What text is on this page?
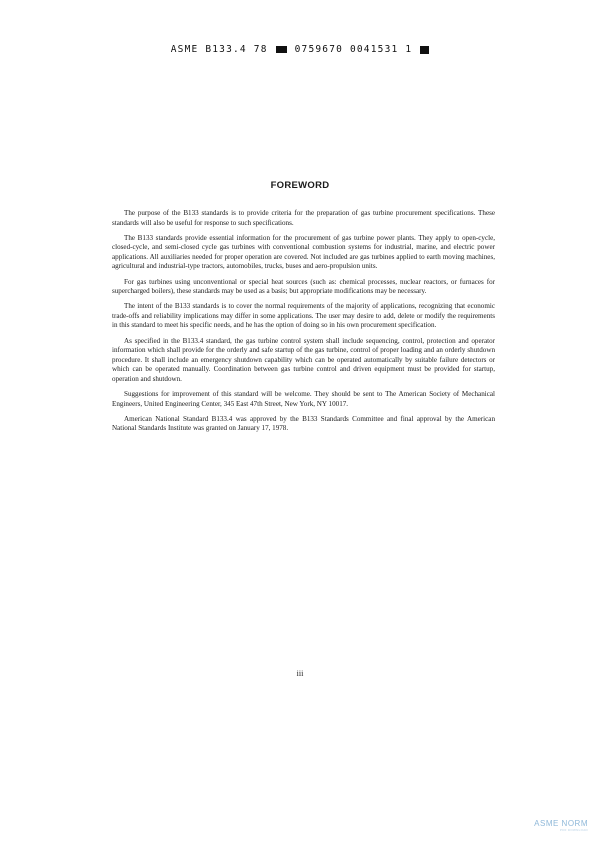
ASME B133.4 78	0759670 0041531 1
FOREWORD

The purpose of the B133 standards is to provide criteria for the preparation of gas turbine procurement specifications. These standards will also be useful for response to such specifications.

The B133 standards provide essential information for the procurement of gas turbine power plants. They apply to open-cycle, closed-cycle, and semi-closed cycle gas turbines with conventional combustion systems for industrial, marine, and electric power applications. All auxiliaries needed for proper operation are covered. Not included are gas turbines applied to earth moving machines, agricultural and industrial-type tractors, automobiles, trucks, buses and aero-propulsion units.

For gas turbines using unconventional or special heat sources (such as: chemical processes, nuclear reactors, or furnaces for supercharged boilers), these standards may be used as a basis; but appropriate modifications may be necessary.

The intent of the B133 standards is to cover the normal requirements of the majority of applications, recognizing that economic trade-offs and reliability implications may differ in some applications. The user may desire to add, delete or modify the requirements in this standard to meet his specific needs, and he has the option of doing so in his own procurement specification.

As specified in the B133.4 standard, the gas turbine control system shall include sequencing, control, protection and operator information which shall provide for the orderly and safe startup of the gas turbine, control of proper loading and an orderly shutdown procedure. It shall include an emergency shutdown capability which can be operated automatically by suitable failure detectors or which can be operated manually. Coordination between gas turbine control and driven equipment must be provided for startup, operation and shutdown.

Suggestions for improvement of this standard will be welcome. They should be sent to The American Society of Mechanical Engineers, United Engineering Center, 345 East 47th Street, New York, NY 10017.

American National Standard B133.4 was approved by the B133 Standards Committee and final approval by the American National Standards Institute was granted on January 17, 1978.

iii
ASME NORM
PDF DOWNLOAD
